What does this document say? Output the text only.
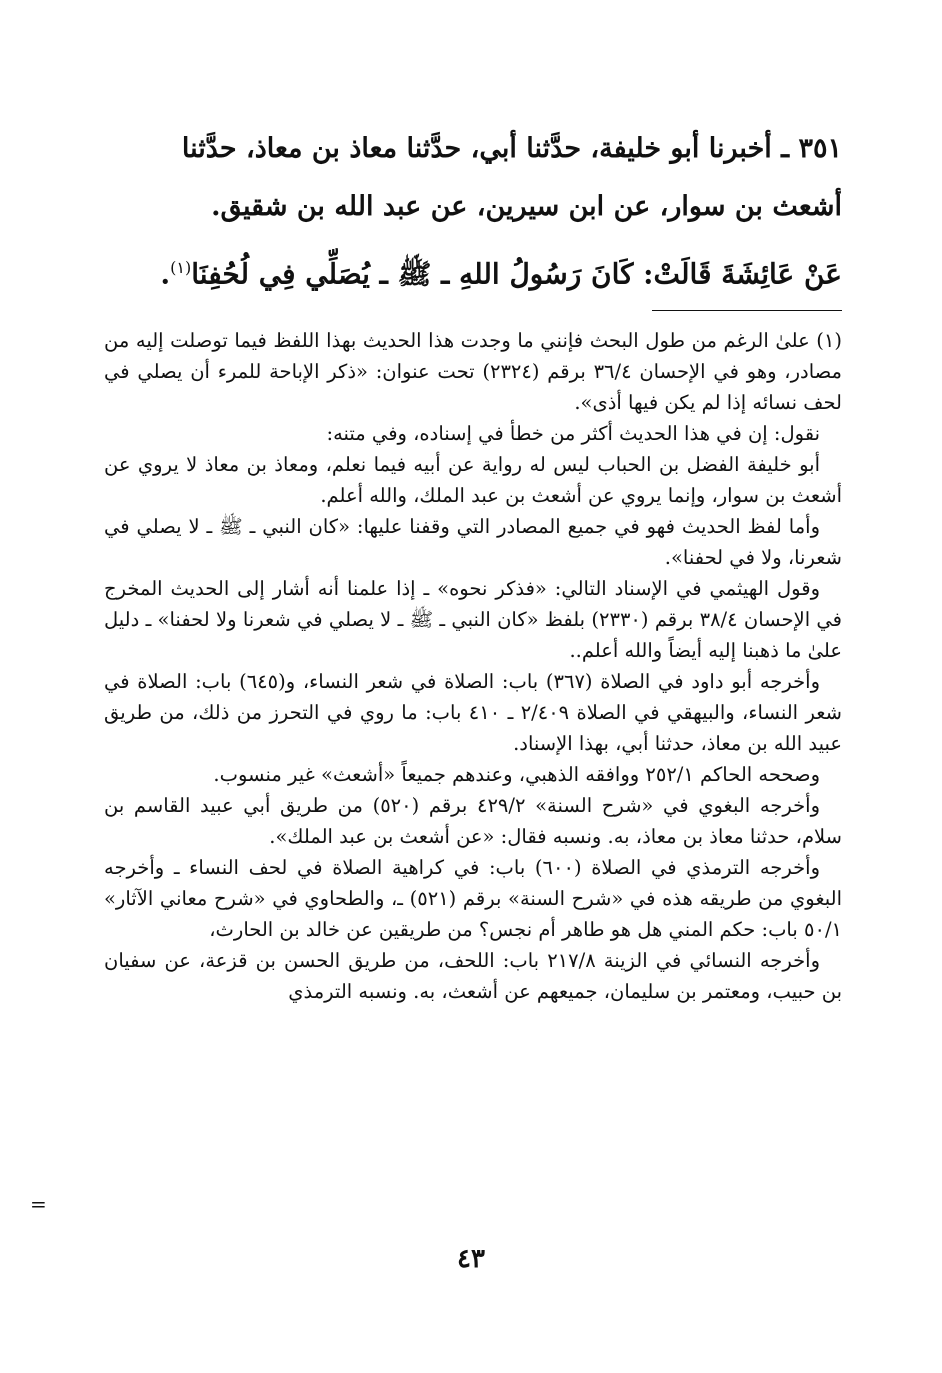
٣٥١ ـ أخبرنا أبو خليفة، حدَّثنا أبي، حدَّثنا معاذ بن معاذ، حدَّثنا

أشعث بن سوار، عن ابن سيرين، عن عبد الله بن شقيق.

عَنْ عَائِشَةَ قَالَتْ: كَانَ رَسُولُ اللهِ ـ ﷺ ـ يُصَلِّي فِي لُحُفِنَا$^{(١)}$.

(١) علىٰ الرغم من طول البحث فإنني ما وجدت هذا الحديث بهذا اللفظ فيما توصلت إليه من مصادر، وهو في الإحسان ٣٦/٤ برقم (٢٣٢٤) تحت عنوان: «ذكر الإباحة للمرء أن يصلي في لحف نسائه إذا لم يكن فيها أذى».

نقول: إن في هذا الحديث أكثر من خطأ في إسناده، وفي متنه:

أبو خليفة الفضل بن الحباب ليس له رواية عن أبيه فيما نعلم، ومعاذ بن معاذ لا يروي عن أشعث بن سوار، وإنما يروي عن أشعث بن عبد الملك، والله أعلم.

وأما لفظ الحديث فهو في جميع المصادر التي وقفنا عليها: «كان النبي ـ ﷺ ـ لا يصلي في شعرنا، ولا في لحفنا».

وقول الهيثمي في الإسناد التالي: «فذكر نحوه» ـ إذا علمنا أنه أشار إلى الحديث المخرج في الإحسان ٣٨/٤ برقم (٢٣٣٠) بلفظ «كان النبي ـ ﷺ ـ لا يصلي في شعرنا ولا لحفنا» ـ دليل علىٰ ما ذهبنا إليه أيضاً والله أعلم..

وأخرجه أبو داود في الصلاة (٣٦٧) باب: الصلاة في شعر النساء، و(٦٤٥) باب: الصلاة في شعر النساء، والبيهقي في الصلاة ٢/٤٠٩ ـ ٤١٠ باب: ما روي في التحرز من ذلك، من طريق عبيد الله بن معاذ، حدثنا أبي، بهذا الإسناد.

وصححه الحاكم ٢٥٢/١ ووافقه الذهبي، وعندهم جميعاً «أشعث» غير منسوب.

وأخرجه البغوي في «شرح السنة» ٤٢٩/٢ برقم (٥٢٠) من طريق أبي عبيد القاسم بن سلام، حدثنا معاذ بن معاذ، به. ونسبه فقال: «عن أشعث بن عبد الملك».

وأخرجه الترمذي في الصلاة (٦٠٠) باب: في كراهية الصلاة في لحف النساء ـ وأخرجه البغوي من طريقه هذه في «شرح السنة» برقم (٥٢١) ـ، والطحاوي في «شرح معاني الآثار» ٥٠/١ باب: حكم المني هل هو طاهر أم نجس؟ من طريقين عن خالد بن الحارث،

وأخرجه النسائي في الزينة ٢١٧/٨ باب: اللحف، من طريق الحسن بن قزعة، عن سفيان بن حبيب، ومعتمر بن سليمان، جميعهم عن أشعث، به. ونسبه الترمذي

=
٤٣
